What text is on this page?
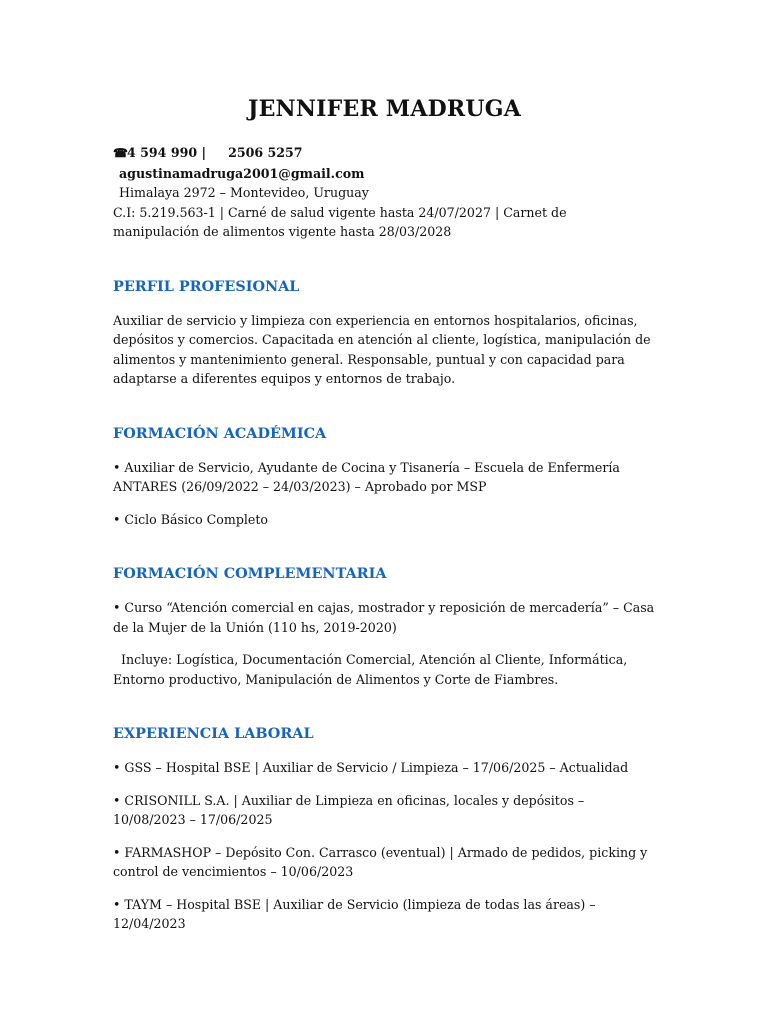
JENNIFER MADRUGA
☎4 594 990 | 2506 5257
agustinamadruga2001@gmail.com
Himalaya 2972 – Montevideo, Uruguay
C.I: 5.219.563-1 | Carné de salud vigente hasta 24/07/2027 | Carnet de manipulación de alimentos vigente hasta 28/03/2028
PERFIL PROFESIONAL

Auxiliar de servicio y limpieza con experiencia en entornos hospitalarios, oficinas, depósitos y comercios. Capacitada en atención al cliente, logística, manipulación de alimentos y mantenimiento general. Responsable, puntual y con capacidad para adaptarse a diferentes equipos y entornos de trabajo.

FORMACIÓN ACADÉMICA

• Auxiliar de Servicio, Ayudante de Cocina y Tisanería – Escuela de Enfermería ANTARES (26/09/2022 – 24/03/2023) – Aprobado por MSP

• Ciclo Básico Completo

FORMACIÓN COMPLEMENTARIA

• Curso “Atención comercial en cajas, mostrador y reposición de mercadería” – Casa de la Mujer de la Unión (110 hs, 2019-2020)

Incluye: Logística, Documentación Comercial, Atención al Cliente, Informática, Entorno productivo, Manipulación de Alimentos y Corte de Fiambres.

EXPERIENCIA LABORAL

• GSS – Hospital BSE | Auxiliar de Servicio / Limpieza – 17/06/2025 – Actualidad

• CRISONILL S.A. | Auxiliar de Limpieza en oficinas, locales y depósitos – 10/08/2023 – 17/06/2025

• FARMASHOP – Depósito Con. Carrasco (eventual) | Armado de pedidos, picking y control de vencimientos – 10/06/2023

• TAYM – Hospital BSE | Auxiliar de Servicio (limpieza de todas las áreas) – 12/04/2023
